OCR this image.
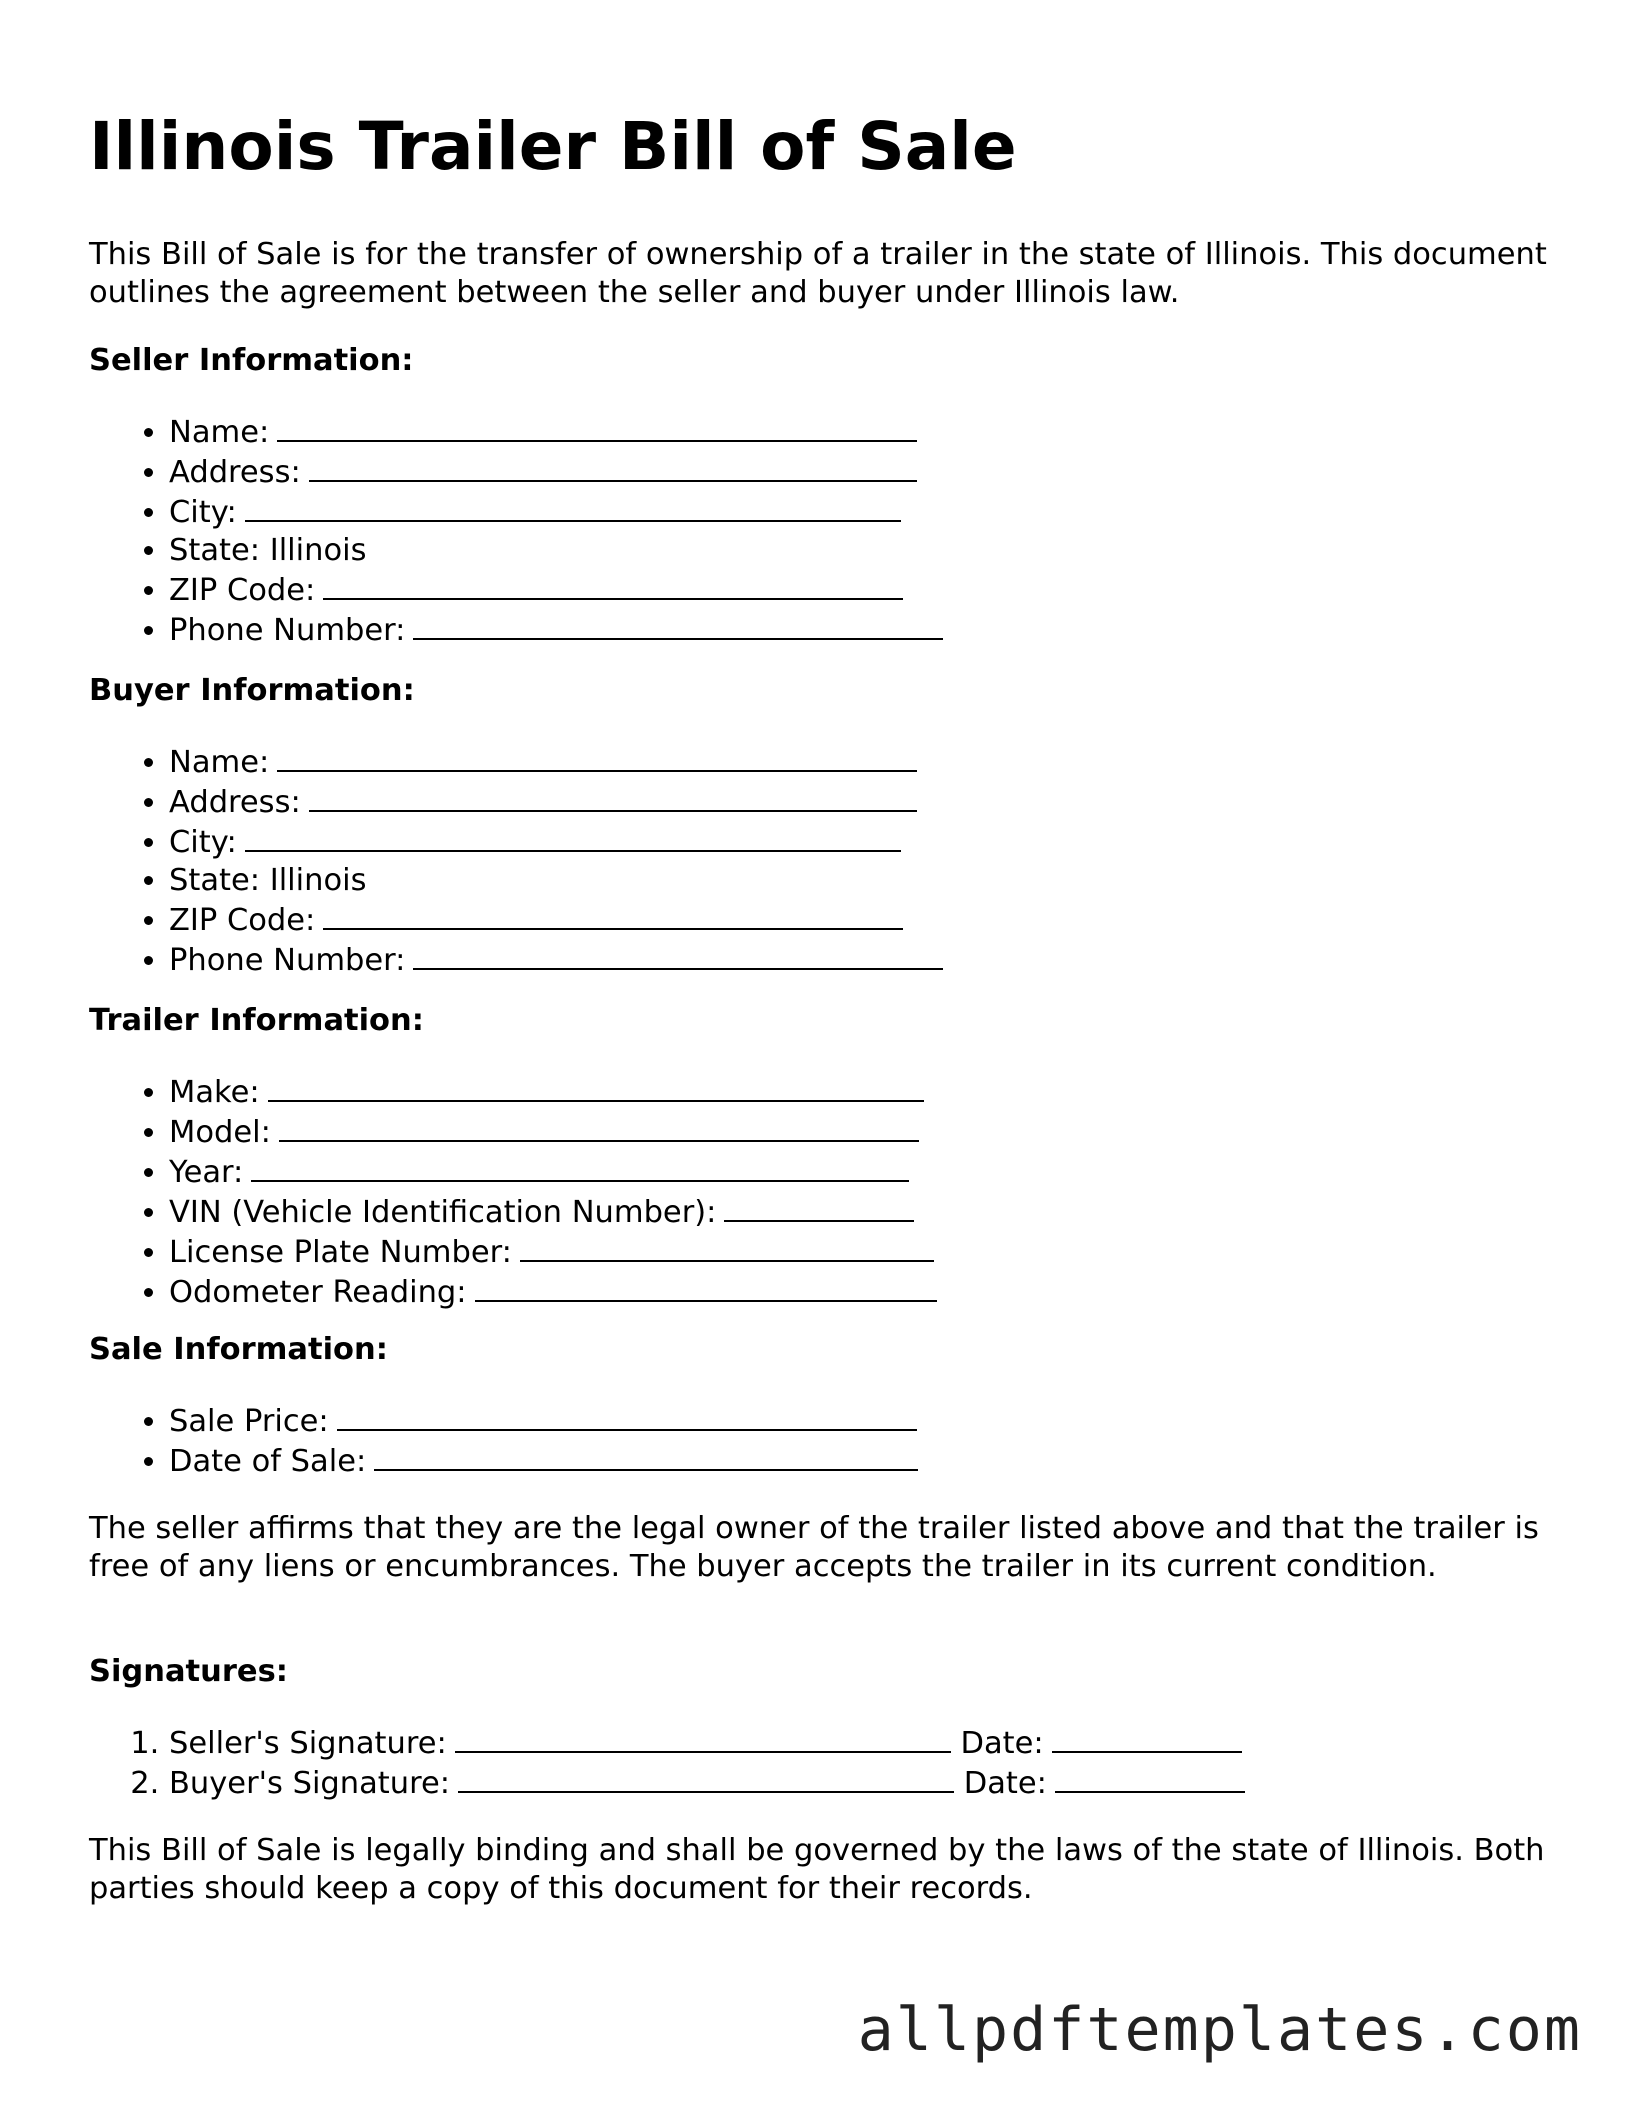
Illinois Trailer Bill of Sale

This Bill of Sale is for the transfer of ownership of a trailer in the state of Illinois. This document outlines the agreement between the seller and buyer under Illinois law.

Seller Information:

• Name:
• Address:
• City:
• State: Illinois
• ZIP Code:
• Phone Number:

Buyer Information:

• Name:
• Address:
• City:
• State: Illinois
• ZIP Code:
• Phone Number:

Trailer Information:

• Make:
• Model:
• Year:
• VIN (Vehicle Identification Number):
• License Plate Number:
• Odometer Reading:

Sale Information:

• Sale Price:
• Date of Sale:

The seller affirms that they are the legal owner of the trailer listed above and that the trailer is free of any liens or encumbrances. The buyer accepts the trailer in its current condition.

Signatures:

1. Seller's Signature:	Date:
2. Buyer's Signature:	Date:

This Bill of Sale is legally binding and shall be governed by the laws of the state of Illinois. Both parties should keep a copy of this document for their records.

allpdftemplates.com
